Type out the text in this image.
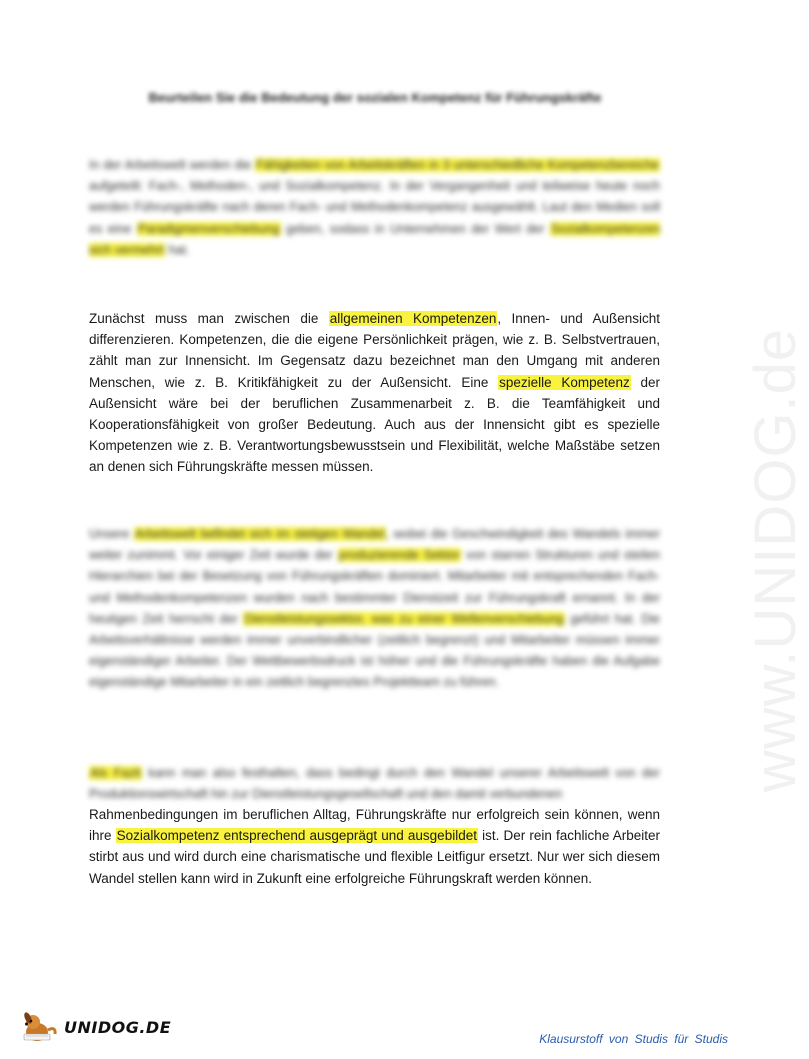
www.UNIDOG.de
Beurteilen Sie die Bedeutung der sozialen Kompetenz für Führungskräfte
In der Arbeitswelt werden die Fähigkeiten von Arbeitskräften in 3 unterschiedliche Kompetenzbereiche aufgeteilt: Fach-, Methoden-, und Sozialkompetenz. In der Vergangenheit und teilweise heute noch werden Führungskräfte nach deren Fach- und Methodenkompetenz ausgewählt. Laut den Medien soll es eine Paradigmenverschiebung geben, sodass in Unternehmen der Wert der Sozialkompetenzen sich vermehrt hat.
Zunächst muss man zwischen die allgemeinen Kompetenzen, Innen- und Außensicht differenzieren. Kompetenzen, die die eigene Persönlichkeit prägen, wie z. B. Selbstvertrauen, zählt man zur Innensicht. Im Gegensatz dazu bezeichnet man den Umgang mit anderen Menschen, wie z. B. Kritikfähigkeit zu der Außensicht. Eine spezielle Kompetenz der Außensicht wäre bei der beruflichen Zusammenarbeit z. B. die Teamfähigkeit und Kooperationsfähigkeit von großer Bedeutung. Auch aus der Innensicht gibt es spezielle Kompetenzen wie z. B. Verantwortungsbewusstsein und Flexibilität, welche Maßstäbe setzen an denen sich Führungskräfte messen müssen.
Unsere Arbeitswelt befindet sich im stetigen Wandel, wobei die Geschwindigkeit des Wandels immer weiter zunimmt. Vor einiger Zeit wurde der produzierende Sektor von starren Strukturen und steilen Hierarchien bei der Besetzung von Führungskräften dominiert. Mitarbeiter mit entsprechenden Fach- und Methodenkompetenzen wurden nach bestimmter Dienstzeit zur Führungskraft ernannt. In der heutigen Zeit herrscht der Dienstleistungssektor, was zu einer Wellenverschiebung geführt hat. Die Arbeitsverhältnisse werden immer unverbindlicher (zeitlich begrenzt) und Mitarbeiter müssen immer eigenständiger Arbeiter. Der Wettbewerbsdruck ist höher und die Führungskräfte haben die Aufgabe eigenständige Mitarbeiter in ein zeitlich begrenztes Projektteam zu führen.
Als Fazit kann man also festhalten, dass bedingt durch den Wandel unserer Arbeitswelt von der Produktionswirtschaft hin zur Dienstleistungsgesellschaft und den damit verbundenen
Rahmenbedingungen im beruflichen Alltag, Führungskräfte nur erfolgreich sein können, wenn ihre Sozialkompetenz entsprechend ausgeprägt und ausgebildet ist. Der rein fachliche Arbeiter stirbt aus und wird durch eine charismatische und flexible Leitfigur ersetzt. Nur wer sich diesem Wandel stellen kann wird in Zukunft eine erfolgreiche Führungskraft werden können.
UNIDOG.DE
Klausurstoff von Studis für Studis
